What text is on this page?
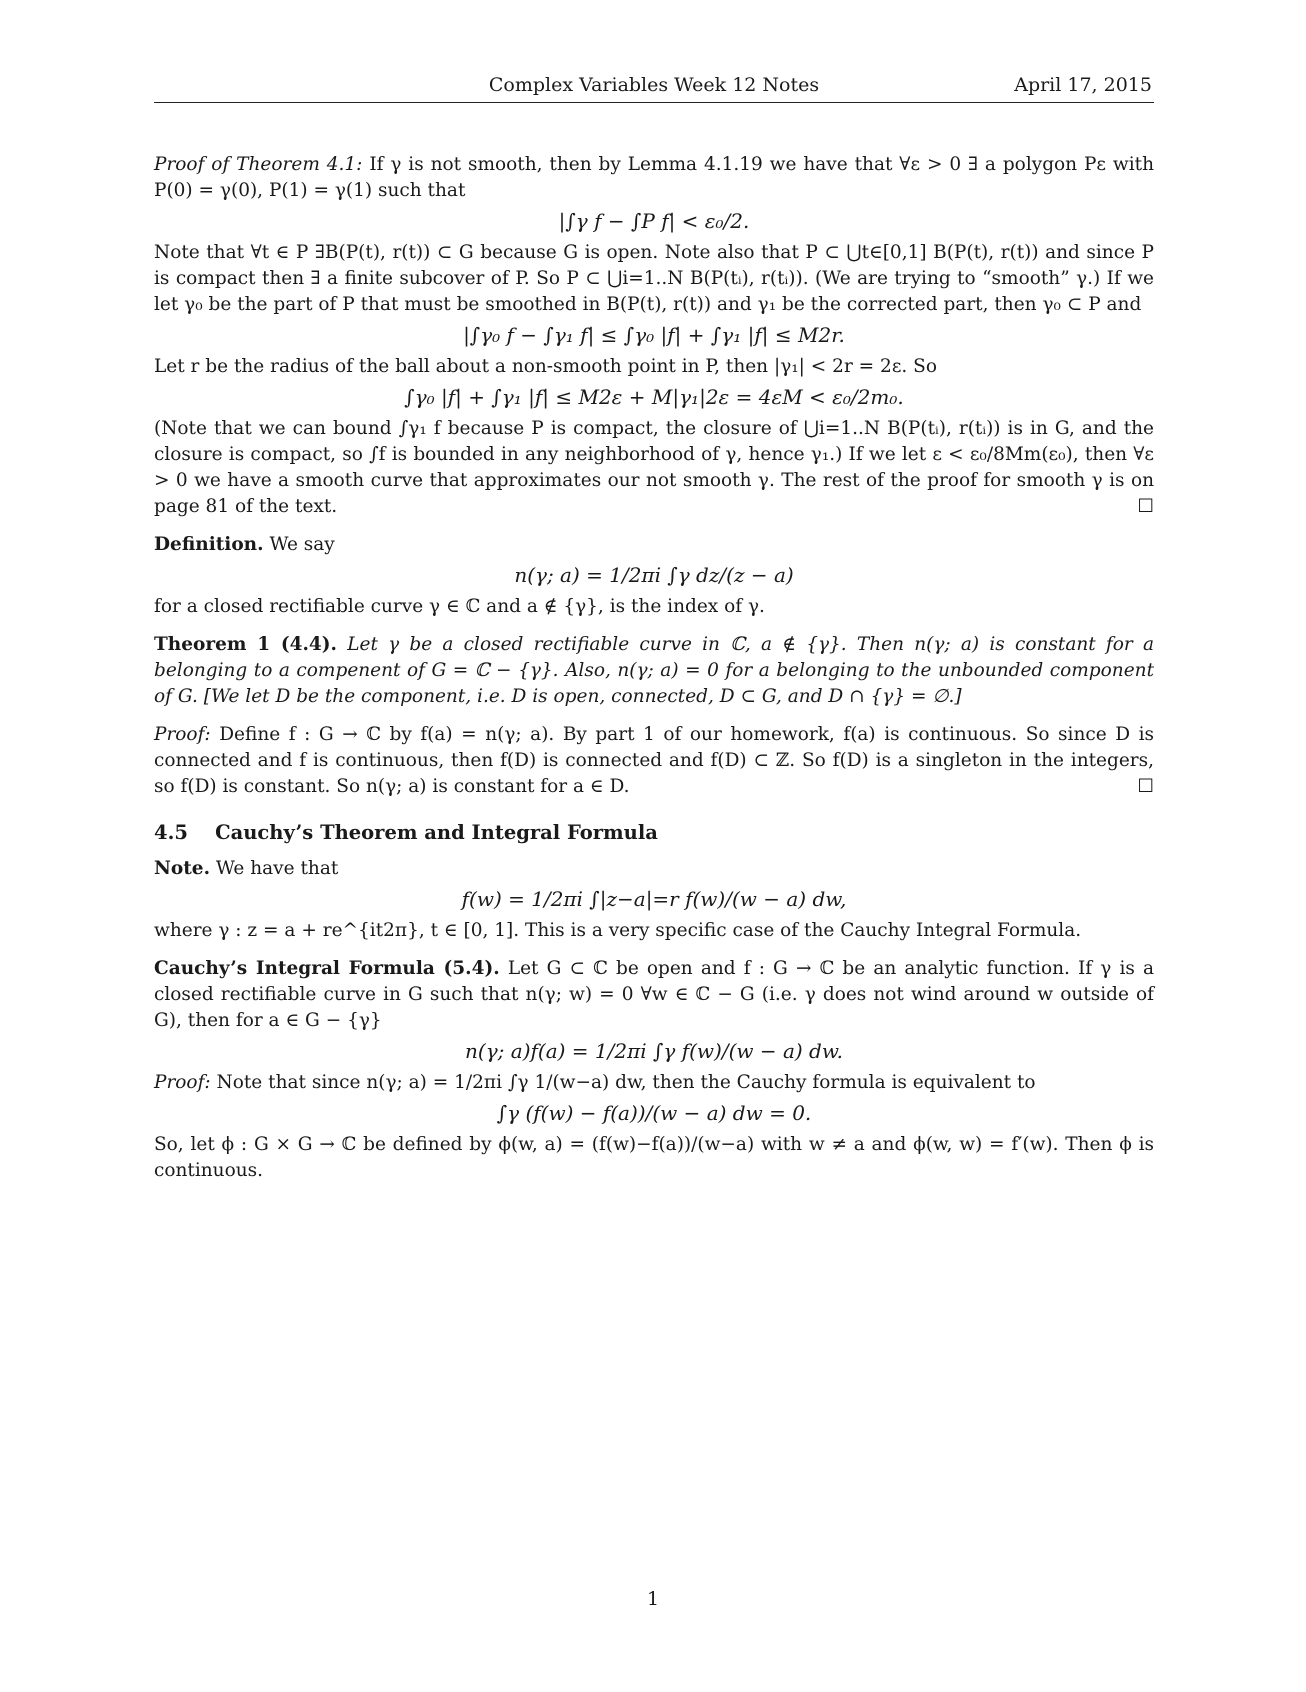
Complex Variables Week 12 Notes	April 17, 2015

Proof of Theorem 4.1: If γ is not smooth, then by Lemma 4.1.19 we have that ∀ε > 0 ∃ a polygon Pε with P(0) = γ(0), P(1) = γ(1) such that

|∫γ f − ∫P f| < ε₀/2.

Note that ∀t ∈ P ∃B(P(t), r(t)) ⊂ G because G is open. Note also that P ⊂ ⋃t∈[0,1] B(P(t), r(t)) and since P is compact then ∃ a finite subcover of P. So P ⊂ ⋃i=1..N B(P(tᵢ), r(tᵢ)). (We are trying to “smooth” γ.) If we let γ₀ be the part of P that must be smoothed in B(P(t), r(t)) and γ₁ be the corrected part, then γ₀ ⊂ P and

|∫γ₀ f − ∫γ₁ f| ≤ ∫γ₀ |f| + ∫γ₁ |f| ≤ M2r.

Let r be the radius of the ball about a non-smooth point in P, then |γ₁| < 2r = 2ε. So

∫γ₀ |f| + ∫γ₁ |f| ≤ M2ε + M|γ₁|2ε = 4εM < ε₀/2m₀.

(Note that we can bound ∫γ₁ f because P is compact, the closure of ⋃i=1..N B(P(tᵢ), r(tᵢ)) is in G, and the closure is compact, so ∫f is bounded in any neighborhood of γ, hence γ₁.) If we let ε < ε₀/8Mm(ε₀), then ∀ε > 0 we have a smooth curve that approximates our not smooth γ. The rest of the proof for smooth γ is on page 81 of the text.	☐

Definition. We say

n(γ; a) = 1/2πi ∫γ dz/(z − a)

for a closed rectifiable curve γ ∈ ℂ and a ∉ {γ}, is the index of γ.

Theorem 1 (4.4). Let γ be a closed rectifiable curve in ℂ, a ∉ {γ}. Then n(γ; a) is constant for a belonging to a compenent of G = ℂ − {γ}. Also, n(γ; a) = 0 for a belonging to the unbounded component of G. [We let D be the component, i.e. D is open, connected, D ⊂ G, and D ∩ {γ} = ∅.]

Proof: Define f : G → ℂ by f(a) = n(γ; a). By part 1 of our homework, f(a) is continuous. So since D is connected and f is continuous, then f(D) is connected and f(D) ⊂ ℤ. So f(D) is a singleton in the integers, so f(D) is constant. So n(γ; a) is constant for a ∈ D.	☐

4.5 Cauchy’s Theorem and Integral Formula

Note. We have that

f(w) = 1/2πi ∫|z−a|=r f(w)/(w − a) dw,

where γ : z = a + re^{it2π}, t ∈ [0, 1]. This is a very specific case of the Cauchy Integral Formula.

Cauchy’s Integral Formula (5.4). Let G ⊂ ℂ be open and f : G → ℂ be an analytic function. If γ is a closed rectifiable curve in G such that n(γ; w) = 0 ∀w ∈ ℂ − G (i.e. γ does not wind around w outside of G), then for a ∈ G − {γ}

n(γ; a)f(a) = 1/2πi ∫γ f(w)/(w − a) dw.

Proof: Note that since n(γ; a) = 1/2πi ∫γ 1/(w−a) dw, then the Cauchy formula is equivalent to

∫γ (f(w) − f(a))/(w − a) dw = 0.

So, let ϕ : G × G → ℂ be defined by ϕ(w, a) = (f(w)−f(a))/(w−a) with w ≠ a and ϕ(w, w) = f′(w). Then ϕ is continuous.

1
